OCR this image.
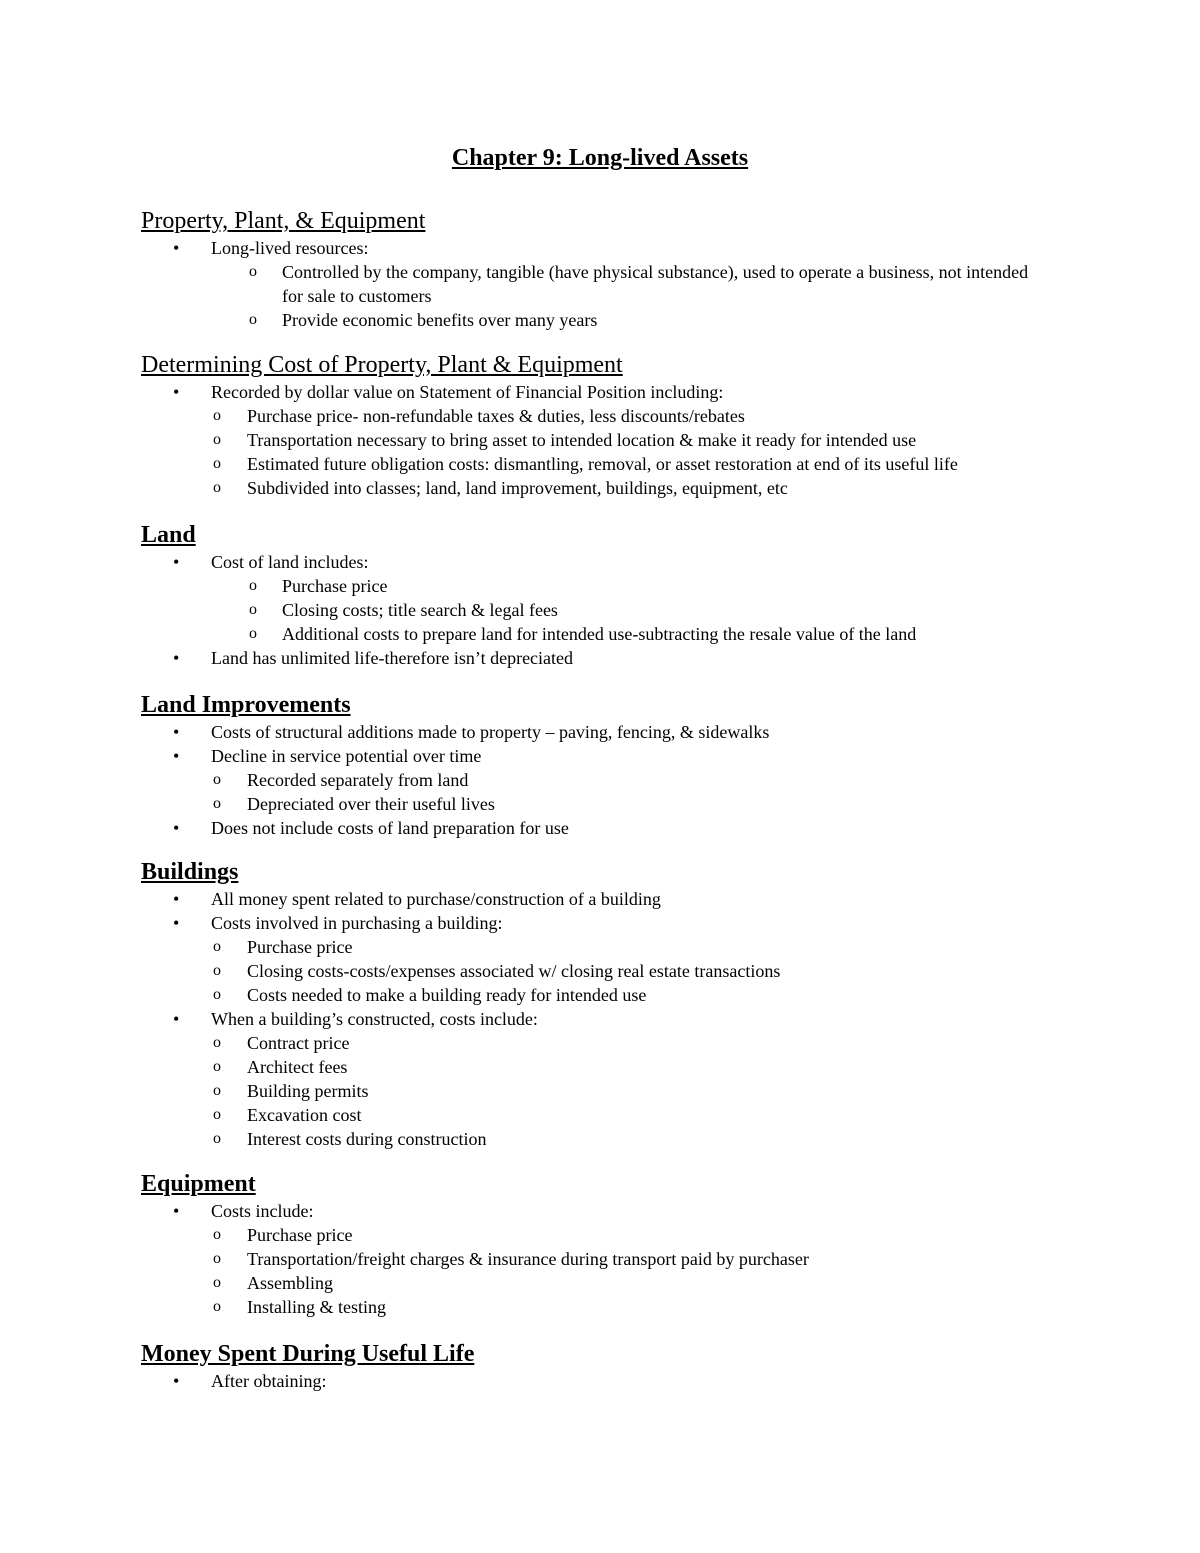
Chapter 9: Long-lived Assets
Property, Plant, & Equipment
• Long-lived resources:
o Controlled by the company, tangible (have physical substance), used to operate a business, not intended for sale to customers
o Provide economic benefits over many years
Determining Cost of Property, Plant & Equipment
• Recorded by dollar value on Statement of Financial Position including:
o Purchase price- non-refundable taxes & duties, less discounts/rebates
o Transportation necessary to bring asset to intended location & make it ready for intended use
o Estimated future obligation costs: dismantling, removal, or asset restoration at end of its useful life
o Subdivided into classes; land, land improvement, buildings, equipment, etc
Land
• Cost of land includes:
o Purchase price
o Closing costs; title search & legal fees
o Additional costs to prepare land for intended use-subtracting the resale value of the land
• Land has unlimited life-therefore isn’t depreciated
Land Improvements
• Costs of structural additions made to property – paving, fencing, & sidewalks
• Decline in service potential over time
o Recorded separately from land
o Depreciated over their useful lives
• Does not include costs of land preparation for use
Buildings
• All money spent related to purchase/construction of a building
• Costs involved in purchasing a building:
o Purchase price
o Closing costs-costs/expenses associated w/ closing real estate transactions
o Costs needed to make a building ready for intended use
• When a building’s constructed, costs include:
o Contract price
o Architect fees
o Building permits
o Excavation cost
o Interest costs during construction
Equipment
• Costs include:
o Purchase price
o Transportation/freight charges & insurance during transport paid by purchaser
o Assembling
o Installing & testing
Money Spent During Useful Life
• After obtaining:
